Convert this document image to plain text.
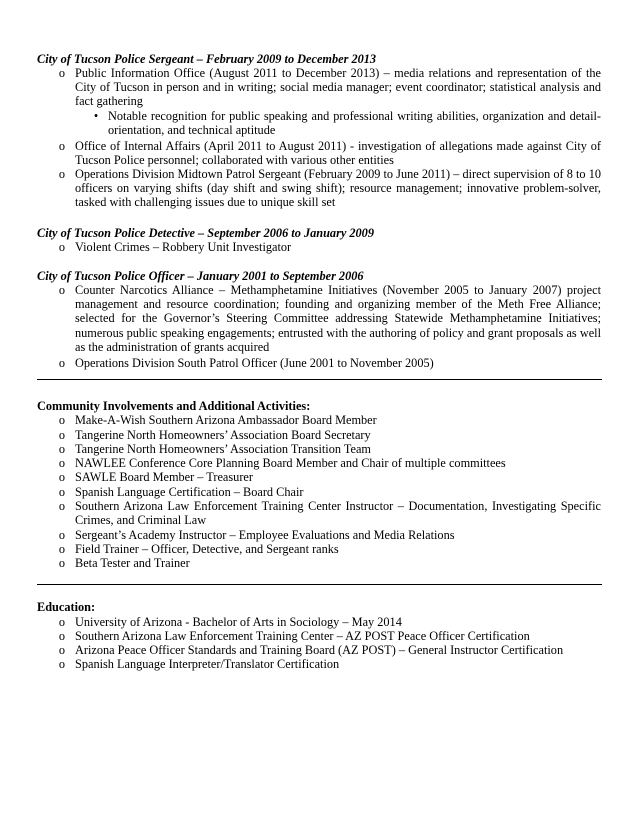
City of Tucson Police Sergeant – February 2009 to December 2013
o Public Information Office (August 2011 to December 2013) – media relations and representation of the City of Tucson in person and in writing; social media manager; event coordinator; statistical analysis and fact gathering
• Notable recognition for public speaking and professional writing abilities, organization and detail-orientation, and technical aptitude
o Office of Internal Affairs (April 2011 to August 2011) - investigation of allegations made against City of Tucson Police personnel; collaborated with various other entities
o Operations Division Midtown Patrol Sergeant (February 2009 to June 2011) – direct supervision of 8 to 10 officers on varying shifts (day shift and swing shift); resource management; innovative problem-solver, tasked with challenging issues due to unique skill set
City of Tucson Police Detective – September 2006 to January 2009
o Violent Crimes – Robbery Unit Investigator
City of Tucson Police Officer – January 2001 to September 2006
o Counter Narcotics Alliance – Methamphetamine Initiatives (November 2005 to January 2007) project management and resource coordination; founding and organizing member of the Meth Free Alliance; selected for the Governor’s Steering Committee addressing Statewide Methamphetamine Initiatives; numerous public speaking engagements; entrusted with the authoring of policy and grant proposals as well as the administration of grants acquired
o Operations Division South Patrol Officer (June 2001 to November 2005)
Community Involvements and Additional Activities:
o Make-A-Wish Southern Arizona Ambassador Board Member
o Tangerine North Homeowners’ Association Board Secretary
o Tangerine North Homeowners’ Association Transition Team
o NAWLEE Conference Core Planning Board Member and Chair of multiple committees
o SAWLE Board Member – Treasurer
o Spanish Language Certification – Board Chair
o Southern Arizona Law Enforcement Training Center Instructor – Documentation, Investigating Specific Crimes, and Criminal Law
o Sergeant’s Academy Instructor – Employee Evaluations and Media Relations
o Field Trainer – Officer, Detective, and Sergeant ranks
o Beta Tester and Trainer
Education:
o University of Arizona - Bachelor of Arts in Sociology – May 2014
o Southern Arizona Law Enforcement Training Center – AZ POST Peace Officer Certification
o Arizona Peace Officer Standards and Training Board (AZ POST) – General Instructor Certification
o Spanish Language Interpreter/Translator Certification
